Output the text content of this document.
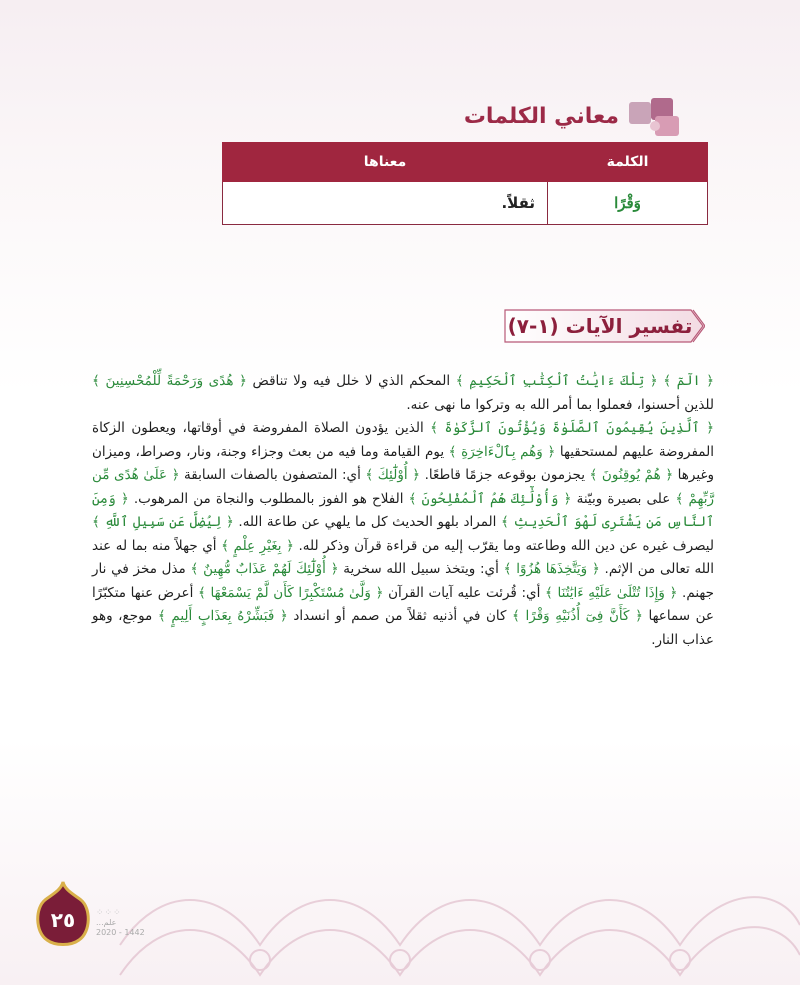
معاني الكلمات
الكلمة	معناها
وَقْرًا	ثقلاً.
تفسير الآيات (١-٧)

﴿ الٓمٓ ﴾ ﴿ تِلْكَ ءَايَٰتُ ٱلْكِتَٰبِ ٱلْحَكِيمِ ﴾ المحكم الذي لا خلل فيه ولا تناقض ﴿ هُدًى وَرَحْمَةً لِّلْمُحْسِنِينَ ﴾ للذين أحسنوا، فعملوا بما أمر الله به وتركوا ما نهى عنه.

﴿ ٱلَّذِينَ يُقِيمُونَ ٱلصَّلَوٰةَ وَيُؤْتُونَ ٱلزَّكَوٰةَ ﴾ الذين يؤدون الصلاة المفروضة في أوقاتها، ويعطون الزكاة المفروضة عليهم لمستحقيها ﴿ وَهُم بِٱلْءَاخِرَةِ ﴾ يوم القيامة وما فيه من بعث وجزاء وجنة، ونار، وصراط، وميزان وغيرها ﴿ هُمْ يُوقِنُونَ ﴾ يجزمون بوقوعه جزمًا قاطعًا. ﴿ أُوْلَٰٓئِكَ ﴾ أي: المتصفون بالصفات السابقة ﴿ عَلَىٰ هُدًى مِّن رَّبِّهِمْ ﴾ على بصيرة وبيّنة ﴿ وَأُوْلَٰٓئِكَ هُمُ ٱلْمُفْلِحُونَ ﴾ الفلاح هو الفوز بالمطلوب والنجاة من المرهوب. ﴿ وَمِنَ ٱلنَّاسِ مَن يَشْتَرِى لَهْوَ ٱلْحَدِيثِ ﴾ المراد بلهو الحديث كل ما يلهي عن طاعة الله. ﴿ لِيُضِلَّ عَن سَبِيلِ ٱللَّهِ ﴾ ليصرف غيره عن دين الله وطاعته وما يقرّب إليه من قراءة قرآن وذكر لله. ﴿ بِغَيْرِ عِلْمٍ ﴾ أي جهلاً منه بما له عند الله تعالى من الإثم. ﴿ وَيَتَّخِذَهَا هُزُوًا ﴾ أي: ويتخذ سبيل الله سخرية ﴿ أُوْلَٰٓئِكَ لَهُمْ عَذَابٌ مُّهِينٌ ﴾ مذل مخز في نار جهنم. ﴿ وَإِذَا تُتْلَىٰ عَلَيْهِ ءَايَٰتُنَا ﴾ أي: قُرئت عليه آيات القرآن ﴿ وَلَّىٰ مُسْتَكْبِرًا كَأَن لَّمْ يَسْمَعْهَا ﴾ أعرض عنها متكبّرًا عن سماعها ﴿ كَأَنَّ فِىٓ أُذُنَيْهِ وَقْرًا ﴾ كان في أذنيه ثقلاً من صمم أو انسداد ﴿ فَبَشِّرْهُ بِعَذَابٍ أَلِيمٍ ﴾ موجع، وهو عذاب النار.

٢٥	⁘⁘⁘
...علم
2020 - 1442
